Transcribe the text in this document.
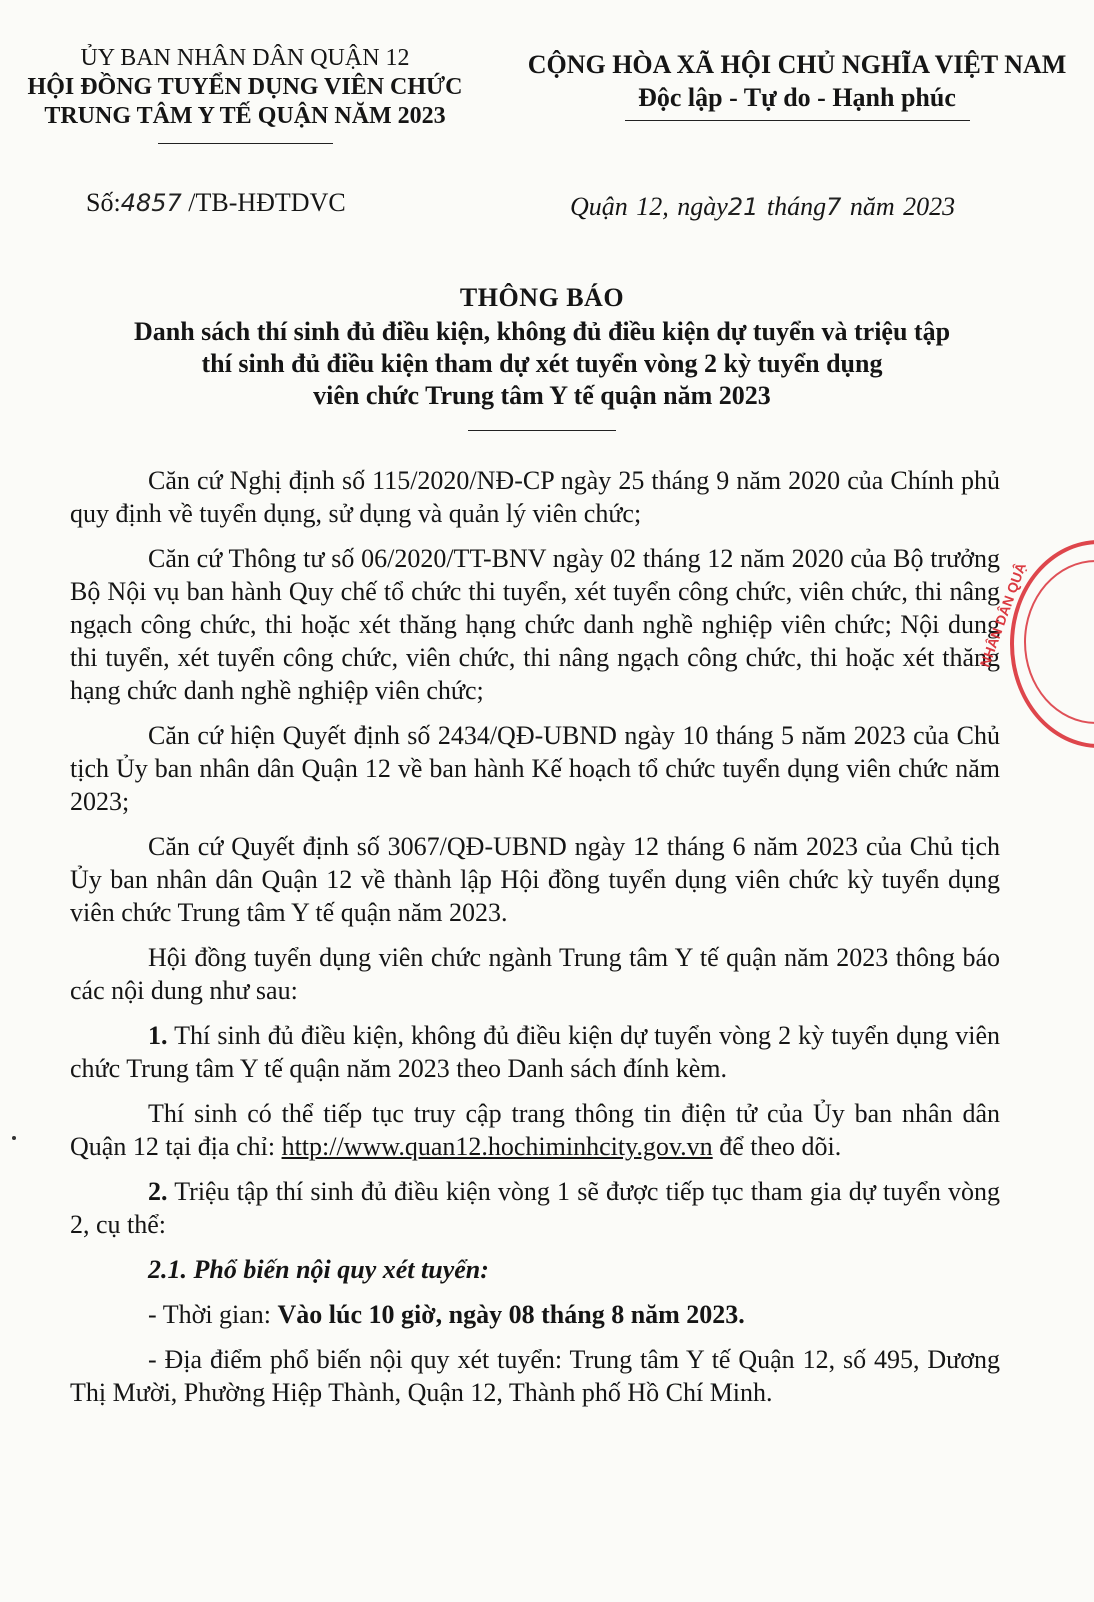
ỦY BAN NHÂN DÂN QUẬN 12
HỘI ĐỒNG TUYỂN DỤNG VIÊN CHỨC
TRUNG TÂM Y TẾ QUẬN NĂM 2023
CỘNG HÒA XÃ HỘI CHỦ NGHĨA VIỆT NAM
Độc lập - Tự do - Hạnh phúc
Số:4857 /TB-HĐTDVC	Quận 12, ngày21 tháng7 năm 2023
THÔNG BÁO
Danh sách thí sinh đủ điều kiện, không đủ điều kiện dự tuyển và triệu tập
thí sinh đủ điều kiện tham dự xét tuyển vòng 2 kỳ tuyển dụng
viên chức Trung tâm Y tế quận năm 2023

Căn cứ Nghị định số 115/2020/NĐ-CP ngày 25 tháng 9 năm 2020 của Chính phủ quy định về tuyển dụng, sử dụng và quản lý viên chức;

Căn cứ Thông tư số 06/2020/TT-BNV ngày 02 tháng 12 năm 2020 của Bộ trưởng Bộ Nội vụ ban hành Quy chế tổ chức thi tuyển, xét tuyển công chức, viên chức, thi nâng ngạch công chức, thi hoặc xét thăng hạng chức danh nghề nghiệp viên chức; Nội dung thi tuyển, xét tuyển công chức, viên chức, thi nâng ngạch công chức, thi hoặc xét thăng hạng chức danh nghề nghiệp viên chức;

Căn cứ hiện Quyết định số 2434/QĐ-UBND ngày 10 tháng 5 năm 2023 của Chủ tịch Ủy ban nhân dân Quận 12 về ban hành Kế hoạch tổ chức tuyển dụng viên chức năm 2023;

Căn cứ Quyết định số 3067/QĐ-UBND ngày 12 tháng 6 năm 2023 của Chủ tịch Ủy ban nhân dân Quận 12 về thành lập Hội đồng tuyển dụng viên chức kỳ tuyển dụng viên chức Trung tâm Y tế quận năm 2023.

Hội đồng tuyển dụng viên chức ngành Trung tâm Y tế quận năm 2023 thông báo các nội dung như sau:

1. Thí sinh đủ điều kiện, không đủ điều kiện dự tuyển vòng 2 kỳ tuyển dụng viên chức Trung tâm Y tế quận năm 2023 theo Danh sách đính kèm.

Thí sinh có thể tiếp tục truy cập trang thông tin điện tử của Ủy ban nhân dân Quận 12 tại địa chỉ: http://www.quan12.hochiminhcity.gov.vn để theo dõi.

2. Triệu tập thí sinh đủ điều kiện vòng 1 sẽ được tiếp tục tham gia dự tuyển vòng 2, cụ thể:

2.1. Phổ biến nội quy xét tuyển:

- Thời gian: Vào lúc 10 giờ, ngày 08 tháng 8 năm 2023.

- Địa điểm phổ biến nội quy xét tuyển: Trung tâm Y tế Quận 12, số 495, Dương Thị Mười, Phường Hiệp Thành, Quận 12, Thành phố Hồ Chí Minh.

NHÂN DÂN QUẬ
